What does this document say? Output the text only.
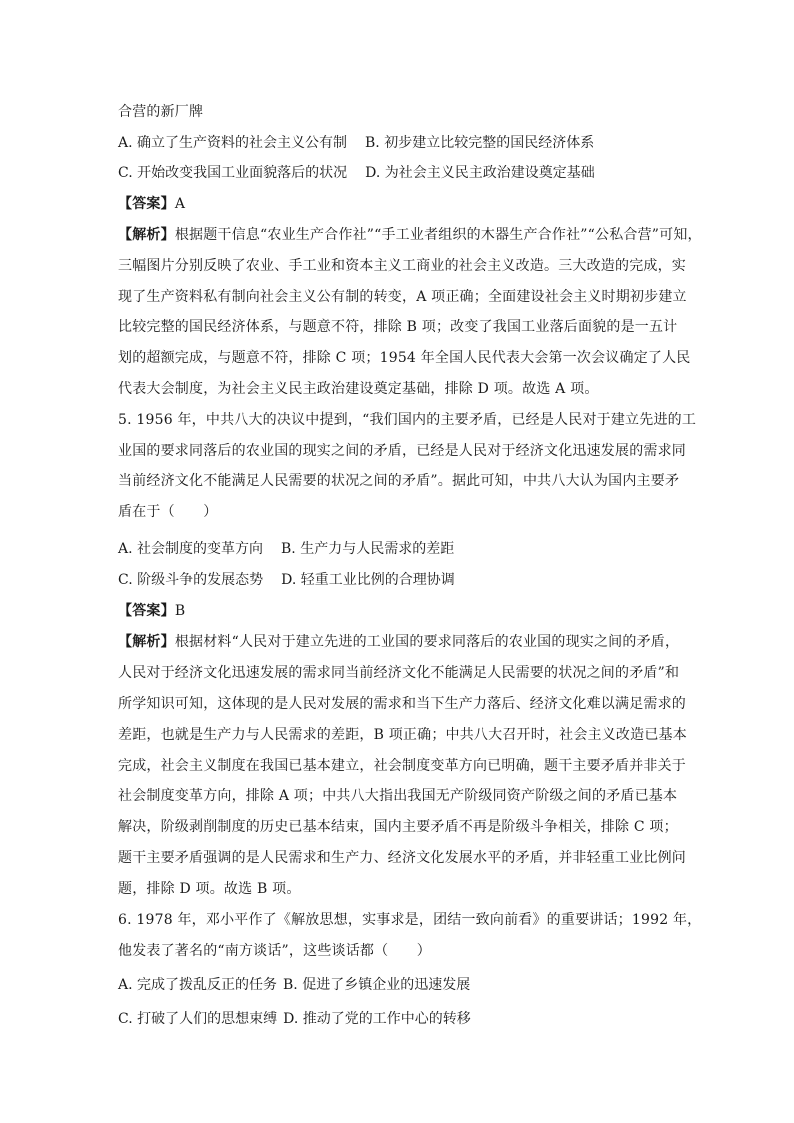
合营的新厂牌
A. 确立了生产资料的社会主义公有制 B. 初步建立比较完整的国民经济体系
C. 开始改变我国工业面貌落后的状况 D. 为社会主义民主政治建设奠定基础
【答案】A
【解析】根据题干信息“农业生产合作社”“手工业者组织的木器生产合作社”“公私合营”可知，
三幅图片分别反映了农业、手工业和资本主义工商业的社会主义改造。三大改造的完成，实
现了生产资料私有制向社会主义公有制的转变，A 项正确；全面建设社会主义时期初步建立
比较完整的国民经济体系，与题意不符，排除 B 项；改变了我国工业落后面貌的是一五计
划的超额完成，与题意不符，排除 C 项；1954 年全国人民代表大会第一次会议确定了人民
代表大会制度，为社会主义民主政治建设奠定基础，排除 D 项。故选 A 项。
5. 1956 年，中共八大的决议中提到，“我们国内的主要矛盾，已经是人民对于建立先进的工
业国的要求同落后的农业国的现实之间的矛盾，已经是人民对于经济文化迅速发展的需求同
当前经济文化不能满足人民需要的状况之间的矛盾”。据此可知，中共八大认为国内主要矛
盾在于（　　）
A. 社会制度的变革方向 B. 生产力与人民需求的差距
C. 阶级斗争的发展态势 D. 轻重工业比例的合理协调
【答案】B
【解析】根据材料“人民对于建立先进的工业国的要求同落后的农业国的现实之间的矛盾，
人民对于经济文化迅速发展的需求同当前经济文化不能满足人民需要的状况之间的矛盾”和
所学知识可知，这体现的是人民对发展的需求和当下生产力落后、经济文化难以满足需求的
差距，也就是生产力与人民需求的差距，B 项正确；中共八大召开时，社会主义改造已基本
完成，社会主义制度在我国已基本建立，社会制度变革方向已明确，题干主要矛盾并非关于
社会制度变革方向，排除 A 项；中共八大指出我国无产阶级同资产阶级之间的矛盾已基本
解决，阶级剥削制度的历史已基本结束，国内主要矛盾不再是阶级斗争相关，排除 C 项；
题干主要矛盾强调的是人民需求和生产力、经济文化发展水平的矛盾，并非轻重工业比例问
题，排除 D 项。故选 B 项。
6. 1978 年，邓小平作了《解放思想，实事求是，团结一致向前看》的重要讲话；1992 年，
他发表了著名的“南方谈话”，这些谈话都（　　）
A. 完成了拨乱反正的任务 B. 促进了乡镇企业的迅速发展
C. 打破了人们的思想束缚 D. 推动了党的工作中心的转移
